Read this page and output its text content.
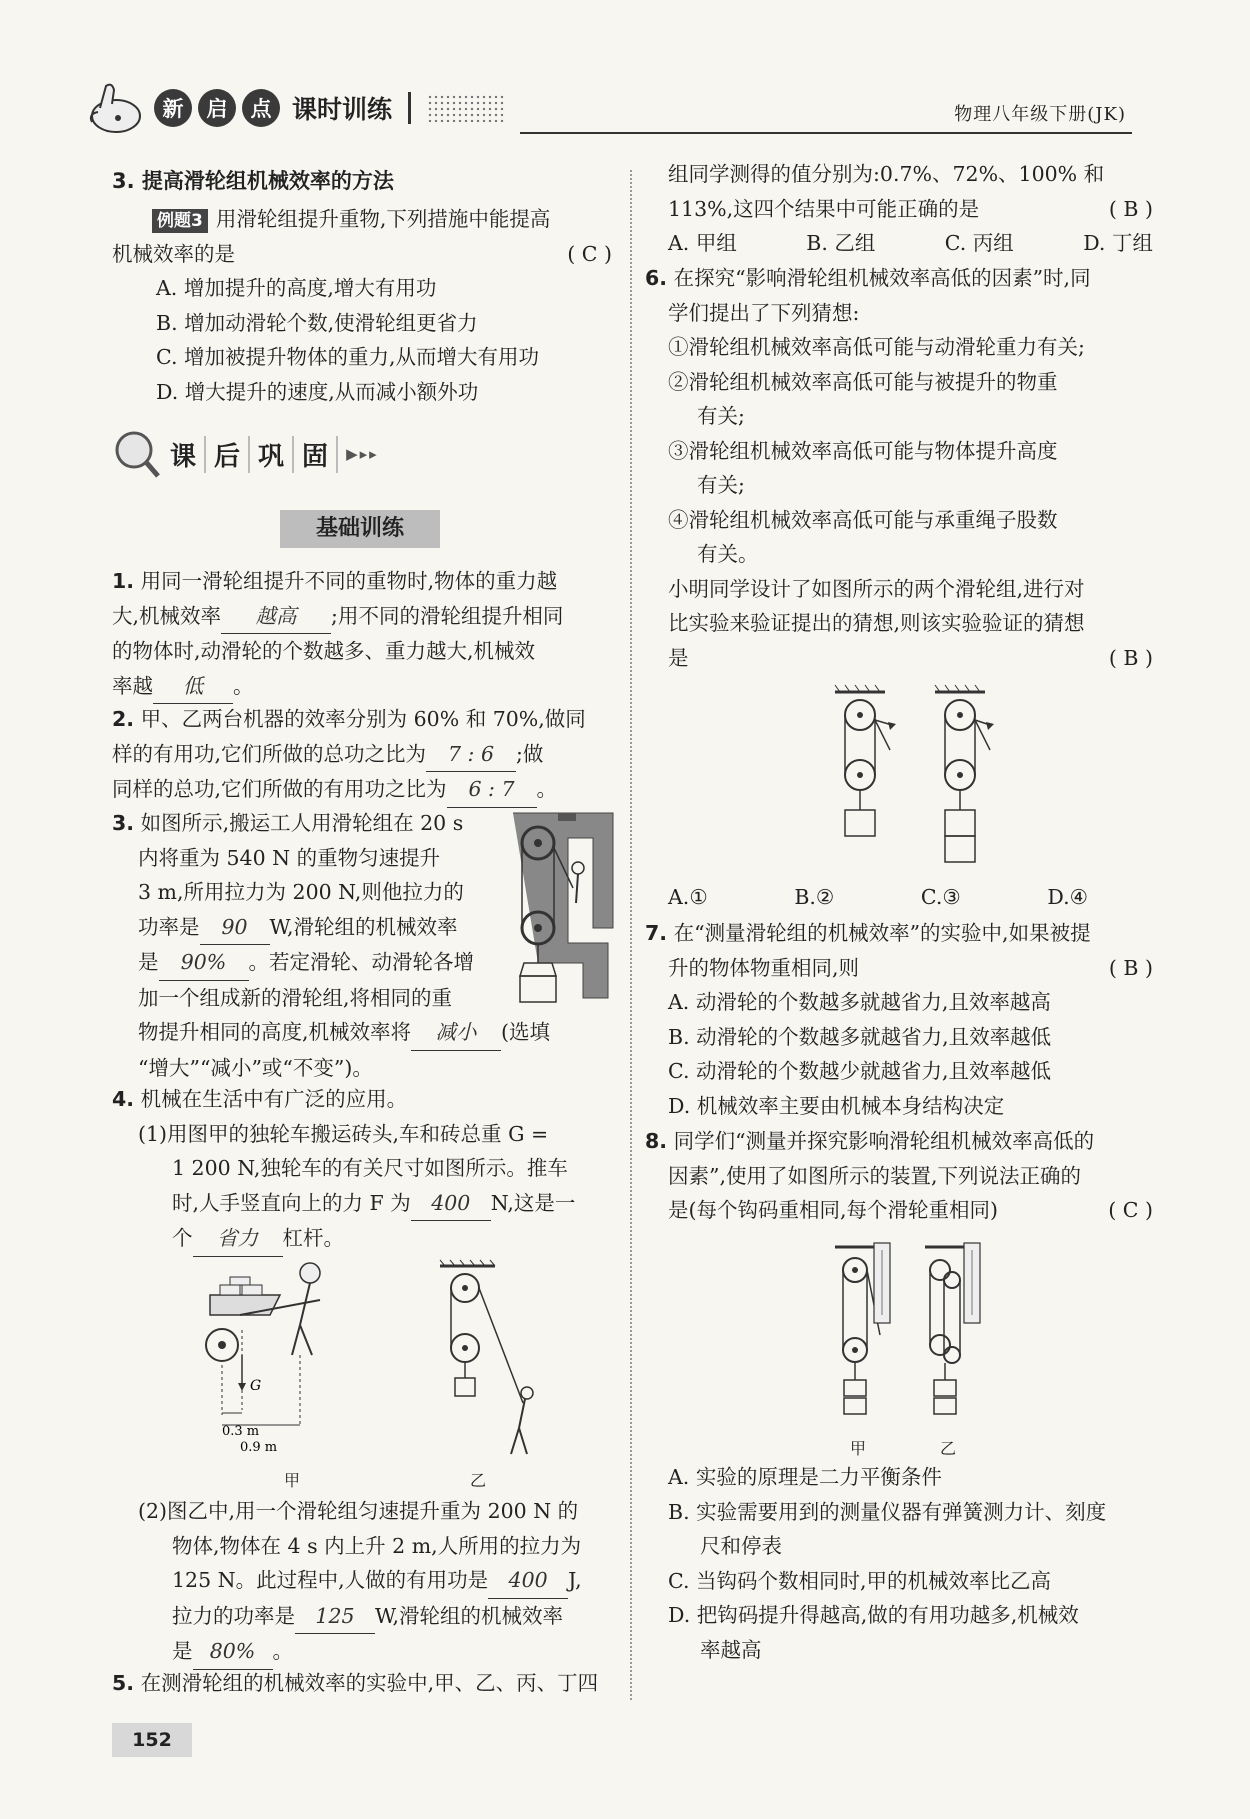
新	启	点 课时训练	物理八年级下册(JK)
3. 提高滑轮组机械效率的方法
例题3 用滑轮组提升重物,下列措施中能提高
机械效率的是	( C )
A. 增加提升的高度,增大有用功
B. 增加动滑轮个数,使滑轮组更省力
C. 增加被提升物体的重力,从而增大有用功
D. 增大提升的速度,从而减小额外功
课 后 巩 固	▶▸▸
基础训练
1. 用同一滑轮组提升不同的重物时,物体的重力越
大,机械效率 越高 ;用不同的滑轮组提升相同
的物体时,动滑轮的个数越多、重力越大,机械效
率越 低 。
2. 甲、乙两台机器的效率分别为 60% 和 70%,做同
样的有用功,它们所做的总功之比为 7 : 6 ;做
同样的总功,它们所做的有用功之比为 6 : 7 。
3. 如图所示,搬运工人用滑轮组在 20 s
内将重为 540 N 的重物匀速提升
3 m,所用拉力为 200 N,则他拉力的
功率是 90 W,滑轮组的机械效率
是 90% 。若定滑轮、动滑轮各增
加一个组成新的滑轮组,将相同的重
物提升相同的高度,机械效率将 减小 (选填
“增大”“减小”或“不变”)。
4. 机械在生活中有广泛的应用。
(1)用图甲的独轮车搬运砖头,车和砖总重 G =
1 200 N,独轮车的有关尺寸如图所示。推车
时,人手竖直向上的力 F 为 400 N,这是一
个 省力 杠杆。
G
0.3 m
0.9 m
甲	乙
(2)图乙中,用一个滑轮组匀速提升重为 200 N 的
物体,物体在 4 s 内上升 2 m,人所用的拉力为
125 N。此过程中,人做的有用功是 400 J,
拉力的功率是 125 W,滑轮组的机械效率
是 80% 。
5. 在测滑轮组的机械效率的实验中,甲、乙、丙、丁四
152
组同学测得的值分别为:0.7%、72%、100% 和
113%,这四个结果中可能正确的是	( B )
A. 甲组	B. 乙组	C. 丙组	D. 丁组
6. 在探究“影响滑轮组机械效率高低的因素”时,同
学们提出了下列猜想:
①滑轮组机械效率高低可能与动滑轮重力有关;
②滑轮组机械效率高低可能与被提升的物重
有关;
③滑轮组机械效率高低可能与物体提升高度
有关;
④滑轮组机械效率高低可能与承重绳子股数
有关。
小明同学设计了如图所示的两个滑轮组,进行对
比实验来验证提出的猜想,则该实验验证的猜想
是	( B )
A.①	B.②	C.③	D.④
7. 在“测量滑轮组的机械效率”的实验中,如果被提
升的物体物重相同,则	( B )
A. 动滑轮的个数越多就越省力,且效率越高
B. 动滑轮的个数越多就越省力,且效率越低
C. 动滑轮的个数越少就越省力,且效率越低
D. 机械效率主要由机械本身结构决定
8. 同学们“测量并探究影响滑轮组机械效率高低的
因素”,使用了如图所示的装置,下列说法正确的
是(每个钩码重相同,每个滑轮重相同)	( C )
甲	乙
A. 实验的原理是二力平衡条件
B. 实验需要用到的测量仪器有弹簧测力计、刻度
尺和停表
C. 当钩码个数相同时,甲的机械效率比乙高
D. 把钩码提升得越高,做的有用功越多,机械效
率越高
